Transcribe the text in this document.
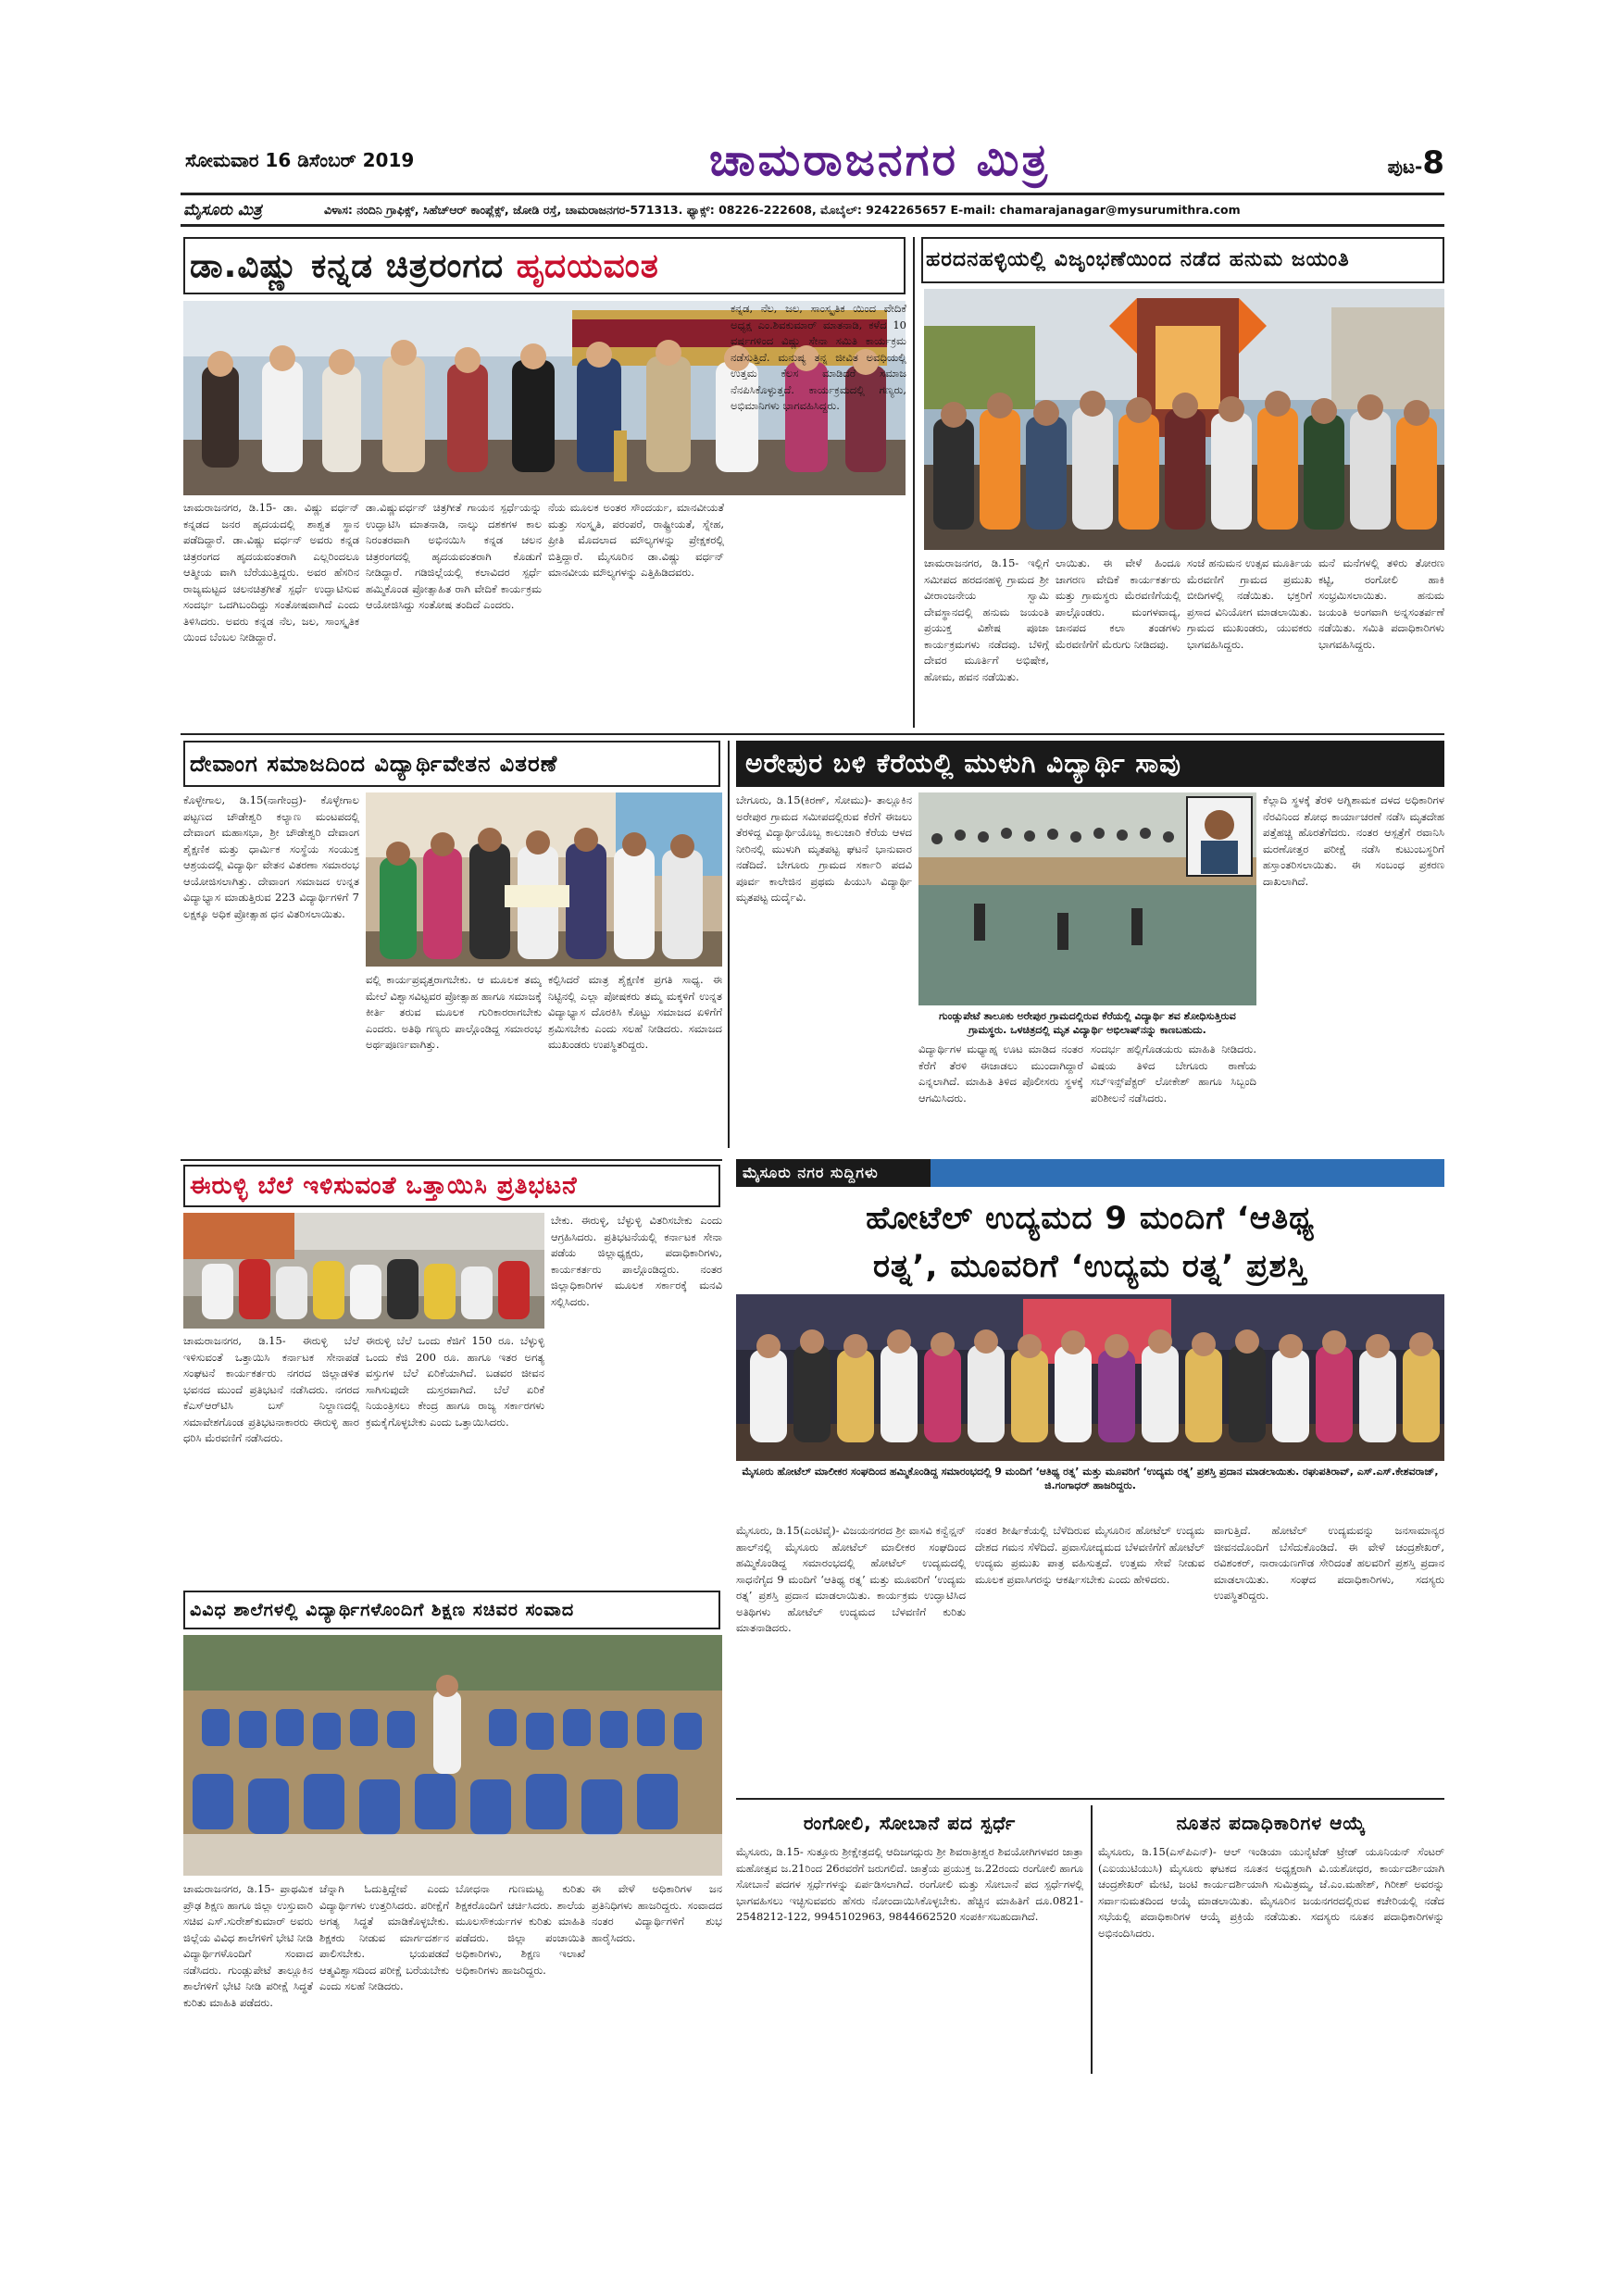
ಸೋಮವಾರ 16 ಡಿಸೆಂಬರ್ 2019	ಚಾಮರಾಜನಗರ ಮಿತ್ರ	ಪುಟ-8
ಮೈಸೂರು ಮಿತ್ರ	ವಿಳಾಸ: ನಂದಿನಿ ಗ್ರಾಫಿಕ್ಸ್, ಸಿಹೆಚ್‌ಆರ್ ಕಾಂಪ್ಲೆಕ್ಸ್, ಜೋಡಿ ರಸ್ತೆ, ಚಾಮರಾಜನಗರ-571313. ಫ್ಯಾಕ್ಸ್: 08226-222608, ಮೊಬೈಲ್: 9242265657 E-mail: chamarajanagar@mysurumithra.com
ಡಾ.ವಿಷ್ಣು ಕನ್ನಡ ಚಿತ್ರರಂಗದ ಹೃದಯವಂತ
ಚಾಮರಾಜನಗರ, ಡಿ.15- ಡಾ. ವಿಷ್ಣು ವರ್ಧನ್ ಕನ್ನಡದ ಜನರ ಹೃದಯದಲ್ಲಿ ಶಾಶ್ವತ ಸ್ಥಾನ ಪಡೆದಿದ್ದಾರೆ. ಡಾ.ವಿಷ್ಣು ವರ್ಧನ್ ಅವರು ಕನ್ನಡ ಚಿತ್ರರಂಗದ ಹೃದಯವಂತರಾಗಿ ಎಲ್ಲರಿಂದಲೂ ಆತ್ಮೀಯ ವಾಗಿ ಬೆರೆಯುತ್ತಿದ್ದರು. ಅವರ ಹೆಸರಿನ ರಾಜ್ಯಮಟ್ಟದ ಚಲನಚಿತ್ರಗೀತೆ ಸ್ಪರ್ಧೆ ಉದ್ಘಾಟಿಸುವ ಸಂದರ್ಭ ಒದಗಿಬಂದಿದ್ದು ಸಂತೋಷವಾಗಿದೆ ಎಂದು ತಿಳಿಸಿದರು. ಅವರು ಕನ್ನಡ ನೆಲ, ಜಲ, ಸಾಂಸ್ಕೃತಿಕ ಯಿಂದ ಬೆಂಬಲ ನೀಡಿದ್ದಾರೆ.
ಡಾ.ವಿಷ್ಣುವರ್ಧನ್ ಚಿತ್ರಗೀತೆ ಗಾಯನ ಸ್ಪರ್ಧೆಯನ್ನು ಉದ್ಘಾಟಿಸಿ ಮಾತನಾಡಿ, ನಾಲ್ಕು ದಶಕಗಳ ಕಾಲ ನಿರಂತರವಾಗಿ ಅಭಿನಯಿಸಿ ಕನ್ನಡ ಚಲನ ಚಿತ್ರರಂಗದಲ್ಲಿ ಹೃದಯವಂತರಾಗಿ ಕೊಡುಗೆ ನೀಡಿದ್ದಾರೆ. ಗಡಿಜಿಲ್ಲೆಯಲ್ಲಿ ಕಲಾವಿದರ ಸ್ಪರ್ಧೆ ಹಮ್ಮಿಕೊಂಡ ಪ್ರೋತ್ಸಾಹಿತ ರಾಗಿ ವೇದಿಕೆ ಕಾರ್ಯಕ್ರಮ ಆಯೋಜಿಸಿದ್ದು ಸಂತೋಷ ತಂದಿದೆ ಎಂದರು.
ನೆಯ ಮೂಲಕ ಅಂತರ ಸೌಂದರ್ಯ, ಮಾನವೀಯತೆ ಮತ್ತು ಸಂಸ್ಕೃತಿ, ಪರಂಪರೆ, ರಾಷ್ಟ್ರೀಯತೆ, ಸ್ನೇಹ, ಪ್ರೀತಿ ಮೊದಲಾದ ಮೌಲ್ಯಗಳನ್ನು ಪ್ರೇಕ್ಷಕರಲ್ಲಿ ಬಿತ್ತಿದ್ದಾರೆ. ಮೈಸೂರಿನ ಡಾ.ವಿಷ್ಣು ವರ್ಧನ್ ಮಾನವೀಯ ಮೌಲ್ಯಗಳನ್ನು ಎತ್ತಿಹಿಡಿದವರು.
ಕನ್ನಡ, ನೆಲ, ಜಲ, ಸಾಂಸ್ಕೃತಿಕ ಯಿಂದ ವೇದಿಕೆ ಅಧ್ಯಕ್ಷ ಎಂ.ಶಿವಕುಮಾರ್ ಮಾತನಾಡಿ, ಕಳೆದ 10 ವರ್ಷಗಳಿಂದ ವಿಷ್ಣು ಸೇನಾ ಸಮಿತಿ ಕಾರ್ಯಕ್ರಮ ನಡೆಸುತ್ತಿದೆ. ಮನುಷ್ಯ ತನ್ನ ಜೀವಿತ ಅವಧಿಯಲ್ಲಿ ಉತ್ತಮ ಕೆಲಸ ಮಾಡಿದರೆ ಸಮಾಜ ನೆನಪಿಸಿಕೊಳ್ಳುತ್ತದೆ. ಕಾರ್ಯಕ್ರಮದಲ್ಲಿ ಗಣ್ಯರು, ಅಭಿಮಾನಿಗಳು ಭಾಗವಹಿಸಿದ್ದರು.
ಹರದನಹಳ್ಳಿಯಲ್ಲಿ ವಿಜೃಂಭಣೆಯಿಂದ ನಡೆದ ಹನುಮ ಜಯಂತಿ
ಚಾಮರಾಜನಗರ, ಡಿ.15- ಇಲ್ಲಿಗೆ ಸಮೀಪದ ಹರದನಹಳ್ಳಿ ಗ್ರಾಮದ ಶ್ರೀ ವೀರಾಂಜನೇಯ ಸ್ವಾಮಿ ದೇವಸ್ಥಾನದಲ್ಲಿ ಹನುಮ ಜಯಂತಿ ಪ್ರಯುಕ್ತ ವಿಶೇಷ ಪೂಜಾ ಕಾರ್ಯಕ್ರಮಗಳು ನಡೆದವು. ಬೆಳಿಗ್ಗೆ ದೇವರ ಮೂರ್ತಿಗೆ ಅಭಿಷೇಕ, ಹೋಮ, ಹವನ ನಡೆಯಿತು.
ಲಾಯಿತು. ಈ ವೇಳೆ ಹಿಂದೂ ಜಾಗರಣ ವೇದಿಕೆ ಕಾರ್ಯಕರ್ತರು ಮತ್ತು ಗ್ರಾಮಸ್ಥರು ಮೆರವಣಿಗೆಯಲ್ಲಿ ಪಾಲ್ಗೊಂಡರು. ಮಂಗಳವಾದ್ಯ, ಜಾನಪದ ಕಲಾ ತಂಡಗಳು ಮೆರವಣಿಗೆಗೆ ಮೆರುಗು ನೀಡಿದವು.
ಸಂಜೆ ಹನುಮನ ಉತ್ಸವ ಮೂರ್ತಿಯ ಮೆರವಣಿಗೆ ಗ್ರಾಮದ ಪ್ರಮುಖ ಬೀದಿಗಳಲ್ಲಿ ನಡೆಯಿತು. ಭಕ್ತರಿಗೆ ಪ್ರಸಾದ ವಿನಿಯೋಗ ಮಾಡಲಾಯಿತು. ಗ್ರಾಮದ ಮುಖಂಡರು, ಯುವಕರು ಭಾಗವಹಿಸಿದ್ದರು.
ಮನೆ ಮನೆಗಳಲ್ಲಿ ತಳಿರು ತೋರಣ ಕಟ್ಟಿ, ರಂಗೋಲಿ ಹಾಕಿ ಸಂಭ್ರಮಿಸಲಾಯಿತು. ಹನುಮ ಜಯಂತಿ ಅಂಗವಾಗಿ ಅನ್ನಸಂತರ್ಪಣೆ ನಡೆಯಿತು. ಸಮಿತಿ ಪದಾಧಿಕಾರಿಗಳು ಭಾಗವಹಿಸಿದ್ದರು.
ದೇವಾಂಗ ಸಮಾಜದಿಂದ ವಿದ್ಯಾರ್ಥಿವೇತನ ವಿತರಣೆ
ಕೊಳ್ಳೇಗಾಲ, ಡಿ.15(ನಾಗೇಂದ್ರ)- ಕೊಳ್ಳೇಗಾಲ ಪಟ್ಟಣದ ಚೌಡೇಶ್ವರಿ ಕಲ್ಯಾಣ ಮಂಟಪದಲ್ಲಿ ದೇವಾಂಗ ಮಹಾಸಭಾ, ಶ್ರೀ ಚೌಡೇಶ್ವರಿ ದೇವಾಂಗ ಶೈಕ್ಷಣಿಕ ಮತ್ತು ಧಾರ್ಮಿಕ ಸಂಸ್ಥೆಯ ಸಂಯುಕ್ತ ಆಶ್ರಯದಲ್ಲಿ ವಿದ್ಯಾರ್ಥಿ ವೇತನ ವಿತರಣಾ ಸಮಾರಂಭ ಆಯೋಜಿಸಲಾಗಿತ್ತು. ದೇವಾಂಗ ಸಮಾಜದ ಉನ್ನತ ವಿದ್ಯಾಭ್ಯಾಸ ಮಾಡುತ್ತಿರುವ 223 ವಿದ್ಯಾರ್ಥಿಗಳಿಗೆ 7 ಲಕ್ಷಕ್ಕೂ ಅಧಿಕ ಪ್ರೋತ್ಸಾಹ ಧನ ವಿತರಿಸಲಾಯಿತು.
ವಲ್ಲಿ ಕಾರ್ಯಪ್ರವೃತ್ತರಾಗಬೇಕು. ಆ ಮೂಲಕ ತಮ್ಮ ಮೇಲೆ ವಿಶ್ವಾಸವಿಟ್ಟವರ ಪ್ರೋತ್ಸಾಹ ಹಾಗೂ ಸಮಾಜಕ್ಕೆ ಕೀರ್ತಿ ತರುವ ಮೂಲಕ ಗುರಿಕಾರರಾಗಬೇಕು ಎಂದರು. ಅತಿಥಿ ಗಣ್ಯರು ಪಾಲ್ಗೊಂಡಿದ್ದ ಸಮಾರಂಭ ಅರ್ಥಪೂರ್ಣವಾಗಿತ್ತು.
ಕಲ್ಪಿಸಿದರೆ ಮಾತ್ರ ಶೈಕ್ಷಣಿಕ ಪ್ರಗತಿ ಸಾಧ್ಯ. ಈ ನಿಟ್ಟಿನಲ್ಲಿ ಎಲ್ಲಾ ಪೋಷಕರು ತಮ್ಮ ಮಕ್ಕಳಿಗೆ ಉನ್ನತ ವಿದ್ಯಾಭ್ಯಾಸ ದೊರಕಿಸಿ ಕೊಟ್ಟು ಸಮಾಜದ ಏಳಿಗೆಗೆ ಶ್ರಮಿಸಬೇಕು ಎಂದು ಸಲಹೆ ನೀಡಿದರು. ಸಮಾಜದ ಮುಖಂಡರು ಉಪಸ್ಥಿತರಿದ್ದರು.
ಅರೇಪುರ ಬಳಿ ಕೆರೆಯಲ್ಲಿ ಮುಳುಗಿ ವಿದ್ಯಾರ್ಥಿ ಸಾವು
ಬೇಗೂರು, ಡಿ.15(ಕಿರಣ್, ಸೋಮು)- ತಾಲ್ಲೂಕಿನ ಅರೇಪುರ ಗ್ರಾಮದ ಸಮೀಪದಲ್ಲಿರುವ ಕೆರೆಗೆ ಈಜಲು ತೆರಳಿದ್ದ ವಿದ್ಯಾರ್ಥಿಯೊಬ್ಬ ಕಾಲುಜಾರಿ ಕೆರೆಯ ಆಳದ ನೀರಿನಲ್ಲಿ ಮುಳುಗಿ ಮೃತಪಟ್ಟ ಘಟನೆ ಭಾನುವಾರ ನಡೆದಿದೆ. ಬೇಗೂರು ಗ್ರಾಮದ ಸರ್ಕಾರಿ ಪದವಿ ಪೂರ್ವ ಕಾಲೇಜಿನ ಪ್ರಥಮ ಪಿಯುಸಿ ವಿದ್ಯಾರ್ಥಿ ಮೃತಪಟ್ಟ ದುರ್ದೈವಿ.
ಗುಂಡ್ಲುಪೇಟೆ ತಾಲೂಕು ಅರೇಪುರ ಗ್ರಾಮದಲ್ಲಿರುವ ಕೆರೆಯಲ್ಲಿ ವಿದ್ಯಾರ್ಥಿ ಶವ ಶೋಧಿಸುತ್ತಿರುವ ಗ್ರಾಮಸ್ಥರು. ಒಳಚಿತ್ರದಲ್ಲಿ ಮೃತ ವಿದ್ಯಾರ್ಥಿ ಅಭಿಲಾಷ್‌ನನ್ನು ಕಾಣಬಹುದು.
ಕೆಲ್ಲಾದಿ ಸ್ಥಳಕ್ಕೆ ತೆರಳಿ ಅಗ್ನಿಶಾಮಕ ದಳದ ಅಧಿಕಾರಿಗಳ ನೆರವಿನಿಂದ ಶೋಧ ಕಾರ್ಯಾಚರಣೆ ನಡೆಸಿ ಮೃತದೇಹ ಪತ್ತೆಹಚ್ಚಿ ಹೊರತೆಗೆದರು. ನಂತರ ಆಸ್ಪತ್ರೆಗೆ ರವಾನಿಸಿ ಮರಣೋತ್ತರ ಪರೀಕ್ಷೆ ನಡೆಸಿ ಕುಟುಂಬಸ್ಥರಿಗೆ ಹಸ್ತಾಂತರಿಸಲಾಯಿತು. ಈ ಸಂಬಂಧ ಪ್ರಕರಣ ದಾಖಲಾಗಿದೆ.
ವಿದ್ಯಾರ್ಥಿಗಳ ಮಧ್ಯಾಹ್ನ ಊಟ ಮಾಡಿದ ನಂತರ ಕೆರೆಗೆ ತೆರಳಿ ಈಜಾಡಲು ಮುಂದಾಗಿದ್ದಾರೆ ಎನ್ನಲಾಗಿದೆ. ಮಾಹಿತಿ ತಿಳಿದ ಪೊಲೀಸರು ಸ್ಥಳಕ್ಕೆ ಆಗಮಿಸಿದರು.
ಸಂದರ್ಭ ಹಲ್ಲಿಗೊಡಯರು ಮಾಹಿತಿ ನೀಡಿದರು. ವಿಷಯ ತಿಳಿದ ಬೇಗೂರು ಠಾಣೆಯ ಸಬ್‌ಇನ್ಸ್‌ಪೆಕ್ಟರ್ ಲೋಕೇಶ್ ಹಾಗೂ ಸಿಬ್ಬಂದಿ ಪರಿಶೀಲನೆ ನಡೆಸಿದರು.
ಈರುಳ್ಳಿ ಬೆಲೆ ಇಳಿಸುವಂತೆ ಒತ್ತಾಯಿಸಿ ಪ್ರತಿಭಟನೆ
ಬೇಕು. ಈರುಳ್ಳಿ, ಬೆಳ್ಳುಳ್ಳಿ ವಿತರಿಸಬೇಕು ಎಂದು ಆಗ್ರಹಿಸಿದರು. ಪ್ರತಿಭಟನೆಯಲ್ಲಿ ಕರ್ನಾಟಕ ಸೇನಾ ಪಡೆಯ ಜಿಲ್ಲಾಧ್ಯಕ್ಷರು, ಪದಾಧಿಕಾರಿಗಳು, ಕಾರ್ಯಕರ್ತರು ಪಾಲ್ಗೊಂಡಿದ್ದರು. ನಂತರ ಜಿಲ್ಲಾಧಿಕಾರಿಗಳ ಮೂಲಕ ಸರ್ಕಾರಕ್ಕೆ ಮನವಿ ಸಲ್ಲಿಸಿದರು.
ಚಾಮರಾಜನಗರ, ಡಿ.15- ಈರುಳ್ಳಿ ಬೆಲೆ ಇಳಿಸುವಂತೆ ಒತ್ತಾಯಿಸಿ ಕರ್ನಾಟಕ ಸೇನಾಪಡೆ ಸಂಘಟನೆ ಕಾರ್ಯಕರ್ತರು ನಗರದ ಜಿಲ್ಲಾಡಳಿತ ಭವನದ ಮುಂದೆ ಪ್ರತಿಭಟನೆ ನಡೆಸಿದರು. ನಗರದ ಕೆಎಸ್‌ಆರ್‌ಟಿಸಿ ಬಸ್ ನಿಲ್ದಾಣದಲ್ಲಿ ಸಮಾವೇಶಗೊಂಡ ಪ್ರತಿಭಟನಾಕಾರರು ಈರುಳ್ಳಿ ಹಾರ ಧರಿಸಿ ಮೆರವಣಿಗೆ ನಡೆಸಿದರು.
ಈರುಳ್ಳಿ ಬೆಲೆ ಒಂದು ಕೆಜಿಗೆ 150 ರೂ. ಬೆಳ್ಳುಳ್ಳಿ ಒಂದು ಕೆಜಿ 200 ರೂ. ಹಾಗೂ ಇತರ ಅಗತ್ಯ ವಸ್ತುಗಳ ಬೆಲೆ ಏರಿಕೆಯಾಗಿದೆ. ಬಡವರ ಜೀವನ ಸಾಗಿಸುವುದೇ ದುಸ್ತರವಾಗಿದೆ. ಬೆಲೆ ಏರಿಕೆ ನಿಯಂತ್ರಿಸಲು ಕೇಂದ್ರ ಹಾಗೂ ರಾಜ್ಯ ಸರ್ಕಾರಗಳು ಕ್ರಮಕೈಗೊಳ್ಳಬೇಕು ಎಂದು ಒತ್ತಾಯಿಸಿದರು.
ಮೈಸೂರು ನಗರ ಸುದ್ದಿಗಳು
ಹೋಟೆಲ್ ಉದ್ಯಮದ 9 ಮಂದಿಗೆ ‘ಆತಿಥ್ಯ
ರತ್ನ’, ಮೂವರಿಗೆ ‘ಉದ್ಯಮ ರತ್ನ’ ಪ್ರಶಸ್ತಿ
ಮೈಸೂರು ಹೋಟೆಲ್ ಮಾಲೀಕರ ಸಂಘದಿಂದ ಹಮ್ಮಿಕೊಂಡಿದ್ದ ಸಮಾರಂಭದಲ್ಲಿ 9 ಮಂದಿಗೆ ‘ಆತಿಥ್ಯ ರತ್ನ’ ಮತ್ತು ಮೂವರಿಗೆ ‘ಉದ್ಯಮ ರತ್ನ’ ಪ್ರಶಸ್ತಿ ಪ್ರದಾನ ಮಾಡಲಾಯಿತು. ರಘುಪತಿರಾವ್, ಎಸ್.ಎಸ್.ಕೇಶವರಾಜ್, ಜಿ.ಗಂಗಾಧರ್ ಹಾಜರಿದ್ದರು.
ಮೈಸೂರು, ಡಿ.15(ಎಂಟಿವೈ)- ವಿಜಯನಗರದ ಶ್ರೀ ವಾಸವಿ ಕನ್ವೆನ್ಷನ್ ಹಾಲ್‌ನಲ್ಲಿ ಮೈಸೂರು ಹೋಟೆಲ್ ಮಾಲೀಕರ ಸಂಘದಿಂದ ಹಮ್ಮಿಕೊಂಡಿದ್ದ ಸಮಾರಂಭದಲ್ಲಿ ಹೋಟೆಲ್ ಉದ್ಯಮದಲ್ಲಿ ಸಾಧನೆಗೈದ 9 ಮಂದಿಗೆ ‘ಆತಿಥ್ಯ ರತ್ನ’ ಮತ್ತು ಮೂವರಿಗೆ ‘ಉದ್ಯಮ ರತ್ನ’ ಪ್ರಶಸ್ತಿ ಪ್ರದಾನ ಮಾಡಲಾಯಿತು. ಕಾರ್ಯಕ್ರಮ ಉದ್ಘಾಟಿಸಿದ ಅತಿಥಿಗಳು ಹೋಟೆಲ್ ಉದ್ಯಮದ ಬೆಳವಣಿಗೆ ಕುರಿತು ಮಾತನಾಡಿದರು.
ನಂತರ ಶೀರ್ಷಿಕೆಯಲ್ಲಿ ಬೆಳೆದಿರುವ ಮೈಸೂರಿನ ಹೋಟೆಲ್ ಉದ್ಯಮ ದೇಶದ ಗಮನ ಸೆಳೆದಿದೆ. ಪ್ರವಾಸೋದ್ಯಮದ ಬೆಳವಣಿಗೆಗೆ ಹೋಟೆಲ್ ಉದ್ಯಮ ಪ್ರಮುಖ ಪಾತ್ರ ವಹಿಸುತ್ತದೆ. ಉತ್ತಮ ಸೇವೆ ನೀಡುವ ಮೂಲಕ ಪ್ರವಾಸಿಗರನ್ನು ಆಕರ್ಷಿಸಬೇಕು ಎಂದು ಹೇಳಿದರು.
ವಾಗುತ್ತಿದೆ. ಹೋಟೆಲ್ ಉದ್ಯಮವನ್ನು ಜನಸಾಮಾನ್ಯರ ಜೀವನದೊಂದಿಗೆ ಬೆಸೆದುಕೊಂಡಿದೆ. ಈ ವೇಳೆ ಚಂದ್ರಶೇಖರ್, ರವಿಶಂಕರ್, ನಾರಾಯಣಗೌಡ ಸೇರಿದಂತೆ ಹಲವರಿಗೆ ಪ್ರಶಸ್ತಿ ಪ್ರದಾನ ಮಾಡಲಾಯಿತು. ಸಂಘದ ಪದಾಧಿಕಾರಿಗಳು, ಸದಸ್ಯರು ಉಪಸ್ಥಿತರಿದ್ದರು.
ವಿವಿಧ ಶಾಲೆಗಳಲ್ಲಿ ವಿದ್ಯಾರ್ಥಿಗಳೊಂದಿಗೆ ಶಿಕ್ಷಣ ಸಚಿವರ ಸಂವಾದ
ಚಾಮರಾಜನಗರ, ಡಿ.15- ಪ್ರಾಥಮಿಕ ಪ್ರೌಢ ಶಿಕ್ಷಣ ಹಾಗೂ ಜಿಲ್ಲಾ ಉಸ್ತುವಾರಿ ಸಚಿವ ಎಸ್.ಸುರೇಶ್‌ಕುಮಾರ್ ಅವರು ಜಿಲ್ಲೆಯ ವಿವಿಧ ಶಾಲೆಗಳಿಗೆ ಭೇಟಿ ನೀಡಿ ವಿದ್ಯಾರ್ಥಿಗಳೊಂದಿಗೆ ಸಂವಾದ ನಡೆಸಿದರು. ಗುಂಡ್ಲುಪೇಟೆ ತಾಲ್ಲೂಕಿನ ಶಾಲೆಗಳಿಗೆ ಭೇಟಿ ನೀಡಿ ಪರೀಕ್ಷೆ ಸಿದ್ಧತೆ ಕುರಿತು ಮಾಹಿತಿ ಪಡೆದರು.
ಚೆನ್ನಾಗಿ ಓದುತ್ತಿದ್ದೇವೆ ಎಂದು ವಿದ್ಯಾರ್ಥಿಗಳು ಉತ್ತರಿಸಿದರು. ಪರೀಕ್ಷೆಗೆ ಅಗತ್ಯ ಸಿದ್ಧತೆ ಮಾಡಿಕೊಳ್ಳಬೇಕು. ಶಿಕ್ಷಕರು ನೀಡುವ ಮಾರ್ಗದರ್ಶನ ಪಾಲಿಸಬೇಕು. ಭಯಪಡದೆ ಆತ್ಮವಿಶ್ವಾಸದಿಂದ ಪರೀಕ್ಷೆ ಬರೆಯಬೇಕು ಎಂದು ಸಲಹೆ ನೀಡಿದರು.
ಬೋಧನಾ ಗುಣಮಟ್ಟ ಕುರಿತು ಶಿಕ್ಷಕರೊಂದಿಗೆ ಚರ್ಚಿಸಿದರು. ಶಾಲೆಯ ಮೂಲಸೌಕರ್ಯಗಳ ಕುರಿತು ಮಾಹಿತಿ ಪಡೆದರು. ಜಿಲ್ಲಾ ಪಂಚಾಯಿತಿ ಅಧಿಕಾರಿಗಳು, ಶಿಕ್ಷಣ ಇಲಾಖೆ ಅಧಿಕಾರಿಗಳು ಹಾಜರಿದ್ದರು.
ಈ ವೇಳೆ ಅಧಿಕಾರಿಗಳ ಜನ ಪ್ರತಿನಿಧಿಗಳು ಹಾಜರಿದ್ದರು. ಸಂವಾದದ ನಂತರ ವಿದ್ಯಾರ್ಥಿಗಳಿಗೆ ಶುಭ ಹಾರೈಸಿದರು.
ರಂಗೋಲಿ, ಸೋಬಾನೆ ಪದ ಸ್ಪರ್ಧೆ
ಮೈಸೂರು, ಡಿ.15- ಸುತ್ತೂರು ಶ್ರೀಕ್ಷೇತ್ರದಲ್ಲಿ ಆದಿಜಗದ್ಗುರು ಶ್ರೀ ಶಿವರಾತ್ರೀಶ್ವರ ಶಿವಯೋಗಿಗಳವರ ಜಾತ್ರಾ ಮಹೋತ್ಸವ ಜ.21ರಿಂದ 26ರವರೆಗೆ ಜರುಗಲಿದೆ. ಜಾತ್ರೆಯ ಪ್ರಯುಕ್ತ ಜ.22ರಂದು ರಂಗೋಲಿ ಹಾಗೂ ಸೋಬಾನೆ ಪದಗಳ ಸ್ಪರ್ಧೆಗಳನ್ನು ಏರ್ಪಡಿಸಲಾಗಿದೆ. ರಂಗೋಲಿ ಮತ್ತು ಸೋಬಾನೆ ಪದ ಸ್ಪರ್ಧೆಗಳಲ್ಲಿ ಭಾಗವಹಿಸಲು ಇಚ್ಛಿಸುವವರು ಹೆಸರು ನೋಂದಾಯಿಸಿಕೊಳ್ಳಬೇಕು. ಹೆಚ್ಚಿನ ಮಾಹಿತಿಗೆ ದೂ.0821-2548212-122, 9945102963, 9844662520 ಸಂಪರ್ಕಿಸಬಹುದಾಗಿದೆ.
ನೂತನ ಪದಾಧಿಕಾರಿಗಳ ಆಯ್ಕೆ
ಮೈಸೂರು, ಡಿ.15(ಎಸ್‌ಪಿಎನ್)- ಆಲ್ ಇಂಡಿಯಾ ಯುನೈಟೆಡ್ ಟ್ರೇಡ್ ಯೂನಿಯನ್ ಸೆಂಟರ್ (ಎಐಯುಟಿಯುಸಿ) ಮೈಸೂರು ಘಟಕದ ನೂತನ ಅಧ್ಯಕ್ಷರಾಗಿ ವಿ.ಯಶೋಧರ, ಕಾರ್ಯದರ್ಶಿಯಾಗಿ ಚಂದ್ರಶೇಖರ್ ಮೇಟಿ, ಜಂಟಿ ಕಾರ್ಯದರ್ಶಿಯಾಗಿ ಸುಮಿತ್ರಮ್ಮ, ಜೆ.ಎಂ.ಮಹೇಶ್, ಗಿರೀಶ್ ಅವರನ್ನು ಸರ್ವಾನುಮತದಿಂದ ಆಯ್ಕೆ ಮಾಡಲಾಯಿತು. ಮೈಸೂರಿನ ಜಯನಗರದಲ್ಲಿರುವ ಕಚೇರಿಯಲ್ಲಿ ನಡೆದ ಸಭೆಯಲ್ಲಿ ಪದಾಧಿಕಾರಿಗಳ ಆಯ್ಕೆ ಪ್ರಕ್ರಿಯೆ ನಡೆಯಿತು. ಸದಸ್ಯರು ನೂತನ ಪದಾಧಿಕಾರಿಗಳನ್ನು ಅಭಿನಂದಿಸಿದರು.
